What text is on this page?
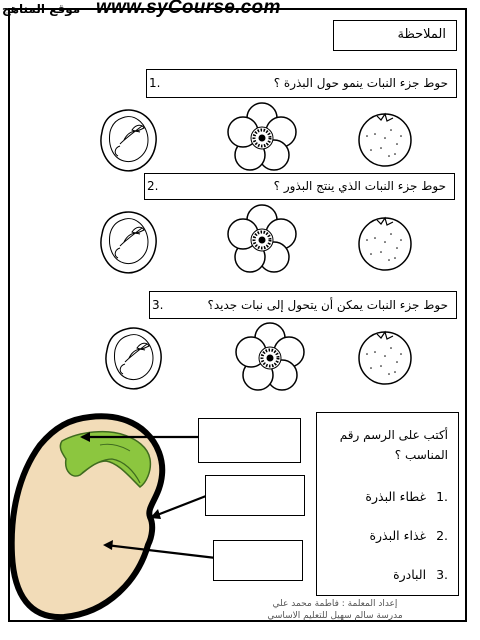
موقع المناهج www.syCourse.com
الملاحظة
1.	حوط جزء النبات ينمو حول البذرة ؟
2.	حوط جزء النبات الذي ينتج البذور ؟
3.	حوط جزء النبات يمكن أن يتحول إلى نبات جديد؟
أكتب على الرسم رقم المناسب ؟
1. غطاء البذرة
2. غذاء البذرة
3. البادرة
إعداد المعلمة : فاطمة محمد علي
مدرسة سالم سهيل للتعليم الاساسي
